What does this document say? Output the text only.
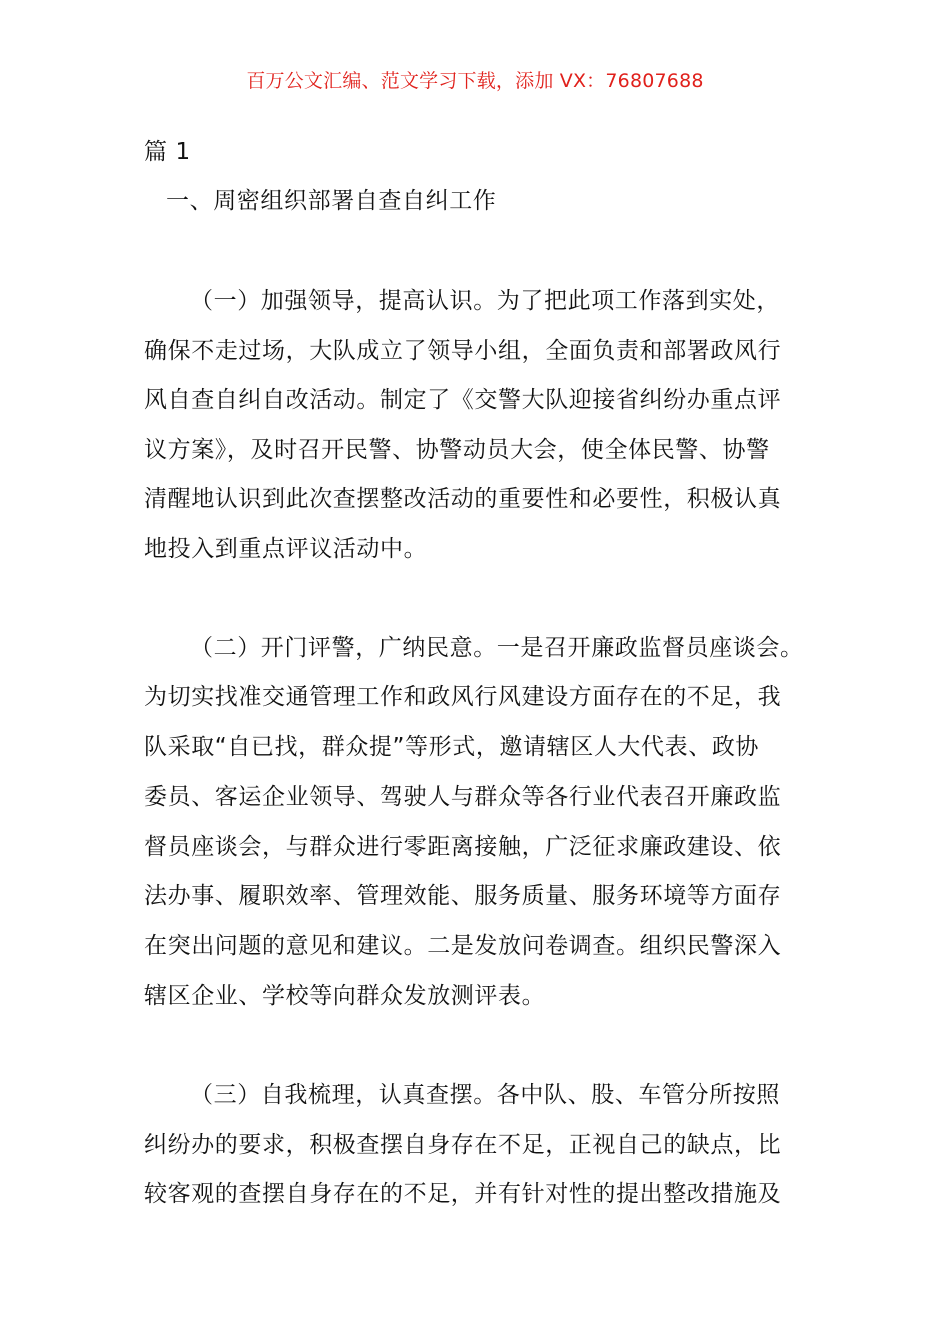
百万公文汇编、范文学习下载，添加 VX：76807688
篇 1
一、周密组织部署自查自纠工作
（一）加强领导，提高认识。为了把此项工作落到实处，
确保不走过场，大队成立了领导小组，全面负责和部署政风行
风自查自纠自改活动。制定了《交警大队迎接省纠纷办重点评
议方案》，及时召开民警、协警动员大会，使全体民警、协警
清醒地认识到此次查摆整改活动的重要性和必要性，积极认真
地投入到重点评议活动中。
（二）开门评警，广纳民意。一是召开廉政监督员座谈会。
为切实找准交通管理工作和政风行风建设方面存在的不足，我
队采取“自已找，群众提”等形式，邀请辖区人大代表、政协
委员、客运企业领导、驾驶人与群众等各行业代表召开廉政监
督员座谈会，与群众进行零距离接触，广泛征求廉政建设、依
法办事、履职效率、管理效能、服务质量、服务环境等方面存
在突出问题的意见和建议。二是发放问卷调查。组织民警深入
辖区企业、学校等向群众发放测评表。
（三）自我梳理，认真查摆。各中队、股、车管分所按照
纠纷办的要求，积极查摆自身存在不足，正视自己的缺点，比
较客观的查摆自身存在的不足，并有针对性的提出整改措施及
